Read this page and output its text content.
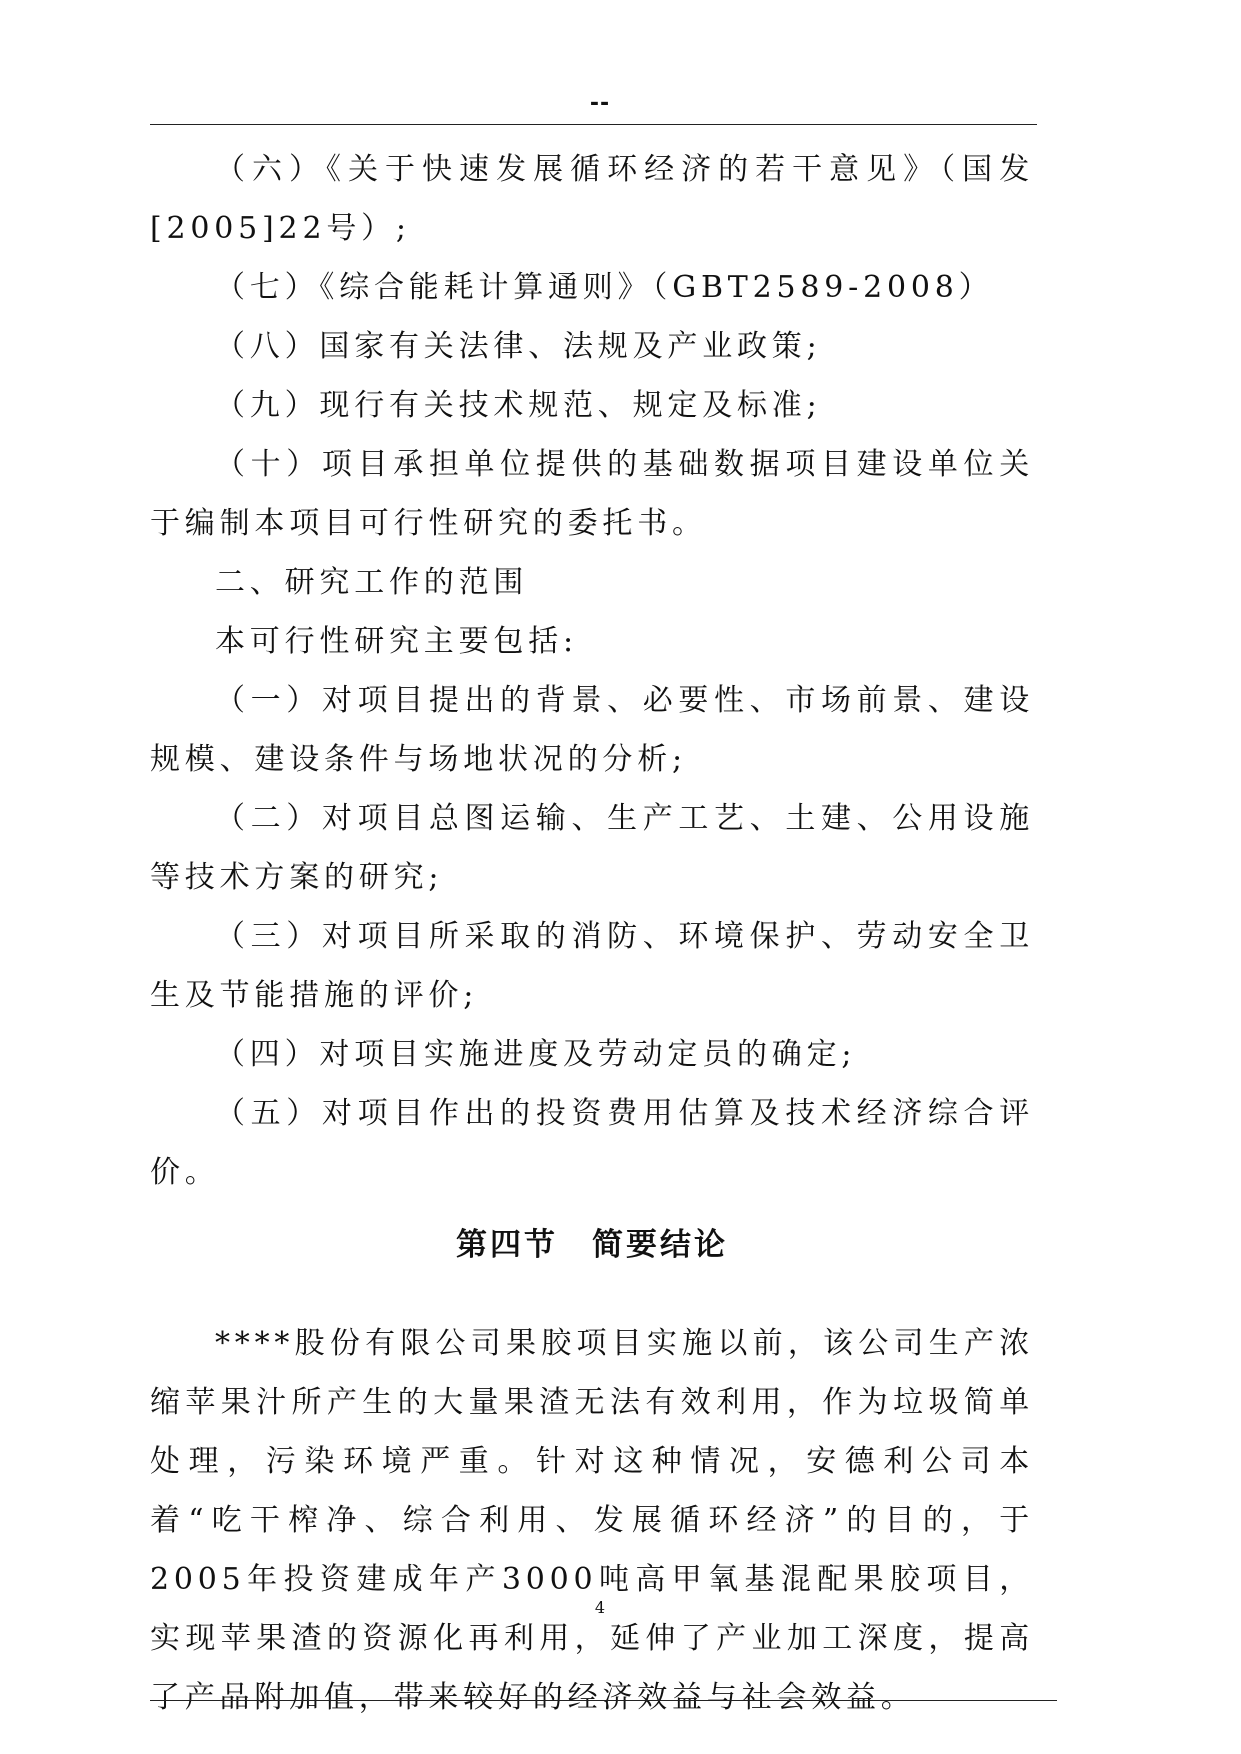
--

（六）《关于快速发展循环经济的若干意见》（国发[2005]22号）;

（七）《综合能耗计算通则》（GBT2589-2008）

（八）国家有关法律、法规及产业政策;

（九）现行有关技术规范、规定及标准;

（十）项目承担单位提供的基础数据项目建设单位关于编制本项目可行性研究的委托书。

二、研究工作的范围

本可行性研究主要包括:

（一）对项目提出的背景、必要性、市场前景、建设规模、建设条件与场地状况的分析;

（二）对项目总图运输、生产工艺、土建、公用设施等技术方案的研究;

（三）对项目所采取的消防、环境保护、劳动安全卫生及节能措施的评价;

（四）对项目实施进度及劳动定员的确定;

（五）对项目作出的投资费用估算及技术经济综合评价。

第四节　简要结论

****股份有限公司果胶项目实施以前，该公司生产浓缩苹果汁所产生的大量果渣无法有效利用，作为垃圾简单处理，污染环境严重。针对这种情况，安德利公司本着“吃干榨净、综合利用、发展循环经济”的目的，于2005年投资建成年产3000吨高甲氧基混配果胶项目，实现苹果渣的资源化再利用，延伸了产业加工深度，提高了产品附加值，带来较好的经济效益与社会效益。

4
